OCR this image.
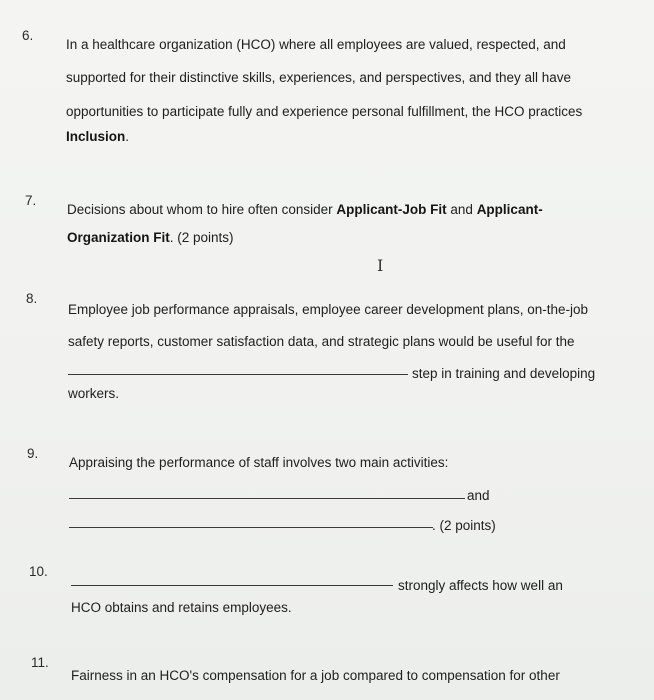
6.
In a healthcare organization (HCO) where all employees are valued, respected, and
supported for their distinctive skills, experiences, and perspectives, and they all have
opportunities to participate fully and experience personal fulfillment, the HCO practices
Inclusion.
7.
Decisions about whom to hire often consider Applicant-Job Fit and Applicant-
Organization Fit. (2 points)
I
8.
Employee job performance appraisals, employee career development plans, on-the-job
safety reports, customer satisfaction data, and strategic plans would be useful for the
step in training and developing
workers.
9.
Appraising the performance of staff involves two main activities:
and
. (2 points)
10.
strongly affects how well an
HCO obtains and retains employees.
11.
Fairness in an HCO's compensation for a job compared to compensation for other
